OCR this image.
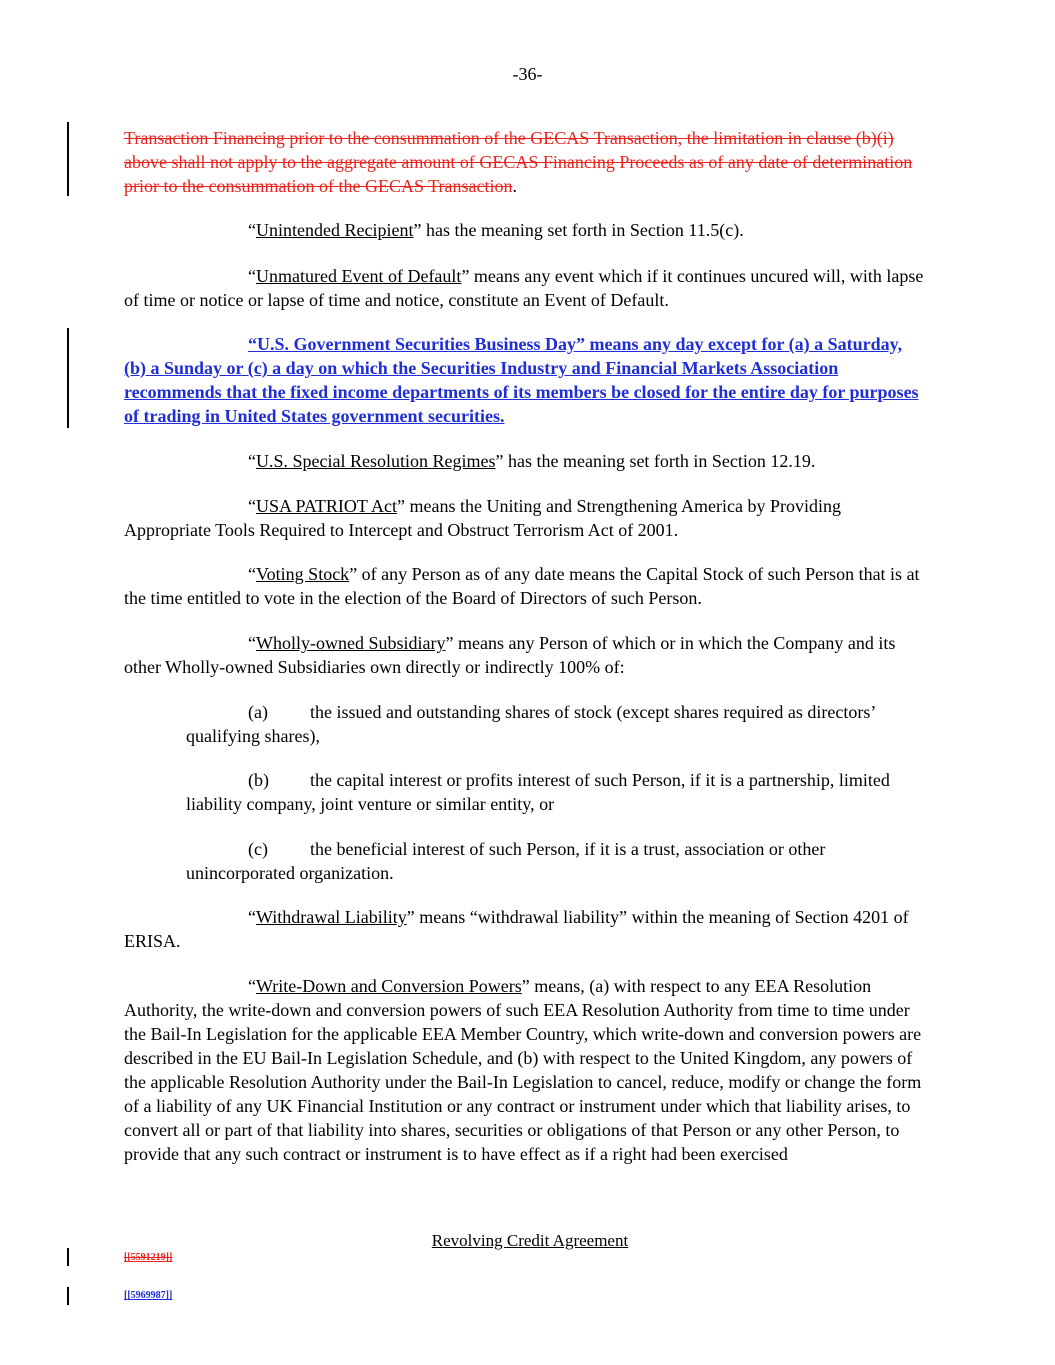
-36-

Transaction Financing prior to the consummation of the GECAS Transaction, the limitation in clause (b)(i) above shall not apply to the aggregate amount of GECAS Financing Proceeds as of any date of determination prior to the consummation of the GECAS Transaction.

“Unintended Recipient” has the meaning set forth in Section 11.5(c).

“Unmatured Event of Default” means any event which if it continues uncured will, with lapse of time or notice or lapse of time and notice, constitute an Event of Default.

“U.S. Government Securities Business Day” means any day except for (a) a Saturday, (b) a Sunday or (c) a day on which the Securities Industry and Financial Markets Association recommends that the fixed income departments of its members be closed for the entire day for purposes of trading in United States government securities.

“U.S. Special Resolution Regimes” has the meaning set forth in Section 12.19.

“USA PATRIOT Act” means the Uniting and Strengthening America by Providing Appropriate Tools Required to Intercept and Obstruct Terrorism Act of 2001.

“Voting Stock” of any Person as of any date means the Capital Stock of such Person that is at the time entitled to vote in the election of the Board of Directors of such Person.

“Wholly-owned Subsidiary” means any Person of which or in which the Company and its other Wholly-owned Subsidiaries own directly or indirectly 100% of:

(a) the issued and outstanding shares of stock (except shares required as directors’ qualifying shares),

(b) the capital interest or profits interest of such Person, if it is a partnership, limited liability company, joint venture or similar entity, or

(c) the beneficial interest of such Person, if it is a trust, association or other unincorporated organization.

“Withdrawal Liability” means “withdrawal liability” within the meaning of Section 4201 of ERISA.

“Write-Down and Conversion Powers” means, (a) with respect to any EEA Resolution Authority, the write-down and conversion powers of such EEA Resolution Authority from time to time under the Bail-In Legislation for the applicable EEA Member Country, which write-down and conversion powers are described in the EU Bail-In Legislation Schedule, and (b) with respect to the United Kingdom, any powers of the applicable Resolution Authority under the Bail-In Legislation to cancel, reduce, modify or change the form of a liability of any UK Financial Institution or any contract or instrument under which that liability arises, to convert all or part of that liability into shares, securities or obligations of that Person or any other Person, to provide that any such contract or instrument is to have effect as if a right had been exercised

Revolving Credit Agreement
[[5591219]]
[[5969987]]
